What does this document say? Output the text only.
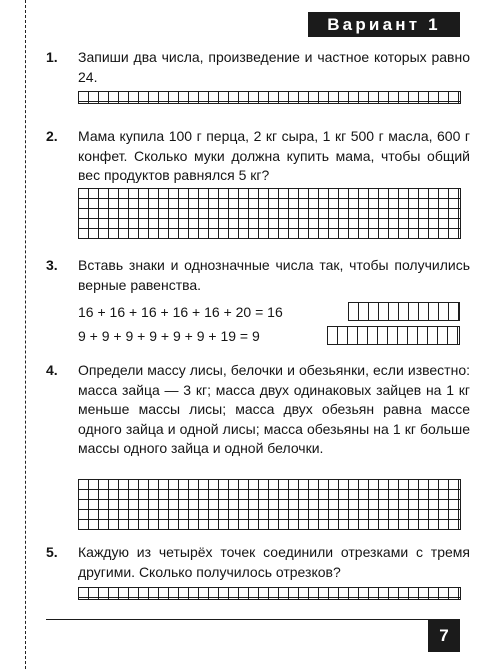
Вариант 1
1. Запиши два числа, произведение и частное которых равно 24.
2. Мама купила 100 г перца, 2 кг сыра, 1 кг 500 г масла, 600 г конфет. Сколько муки должна купить мама, чтобы общий вес продуктов равнялся 5 кг?
3. Вставь знаки и однозначные числа так, чтобы получились верные равенства.
16 + 16 + 16 + 16 + 16 + 20 = 16
9 + 9 + 9 + 9 + 9 + 9 + 19 = 9
4. Определи массу лисы, белочки и обезьянки, если известно: масса зайца — 3 кг; масса двух одинаковых зайцев на 1 кг меньше массы лисы; масса двух обезьян равна массе одного зайца и одной лисы; масса обезьяны на 1 кг больше массы одного зайца и одной белочки.
5. Каждую из четырёх точек соединили отрезками с тремя другими. Сколько получилось отрезков?
7
